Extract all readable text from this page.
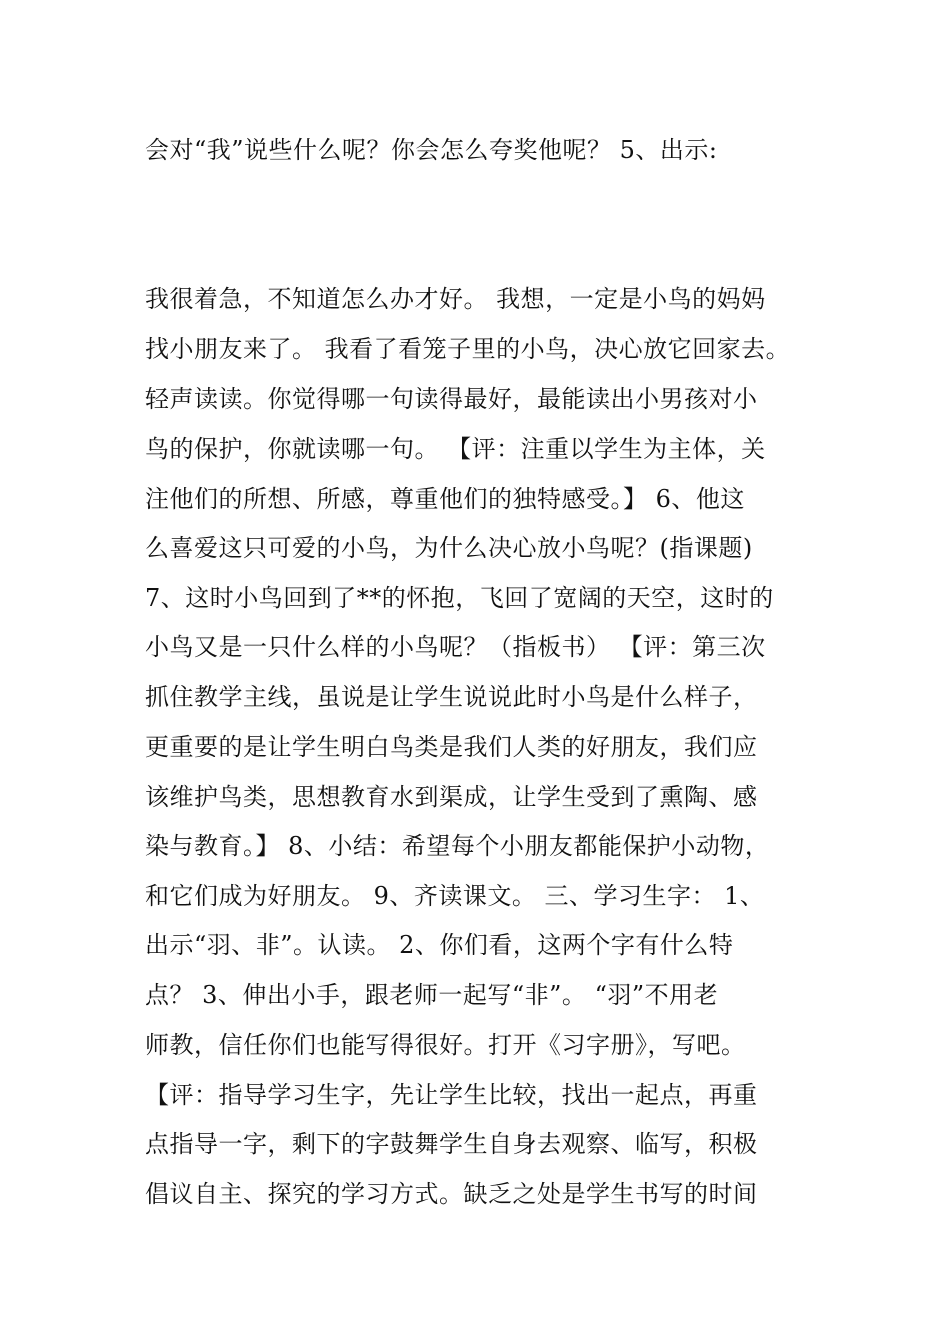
会对“我”说些什么呢？你会怎么夸奖他呢？ 5、出示:
我很着急，不知道怎么办才好。 我想，一定是小鸟的妈妈
找小朋友来了。 我看了看笼子里的小鸟，决心放它回家去。
轻声读读。你觉得哪一句读得最好，最能读出小男孩对小
鸟的保护，你就读哪一句。 【评：注重以学生为主体，关
注他们的所想、所感，尊重他们的独特感受。】 6、他这
么喜爱这只可爱的小鸟，为什么决心放小鸟呢？(指课题)
7、这时小鸟回到了**的怀抱，飞回了宽阔的天空，这时的
小鸟又是一只什么样的小鸟呢？（指板书） 【评：第三次
抓住教学主线，虽说是让学生说说此时小鸟是什么样子，
更重要的是让学生明白鸟类是我们人类的好朋友，我们应
该维护鸟类，思想教育水到渠成，让学生受到了熏陶、感
染与教育。】 8、小结：希望每个小朋友都能保护小动物，
和它们成为好朋友。 9、齐读课文。 三、学习生字： 1、
出示“羽、非”。认读。 2、你们看，这两个字有什么特
点？ 3、伸出小手，跟老师一起写“非”。 “羽”不用老
师教，信任你们也能写得很好。打开《习字册》，写吧。
【评：指导学习生字，先让学生比较，找出一起点，再重
点指导一字，剩下的字鼓舞学生自身去观察、临写，积极
倡议自主、探究的学习方式。缺乏之处是学生书写的时间
